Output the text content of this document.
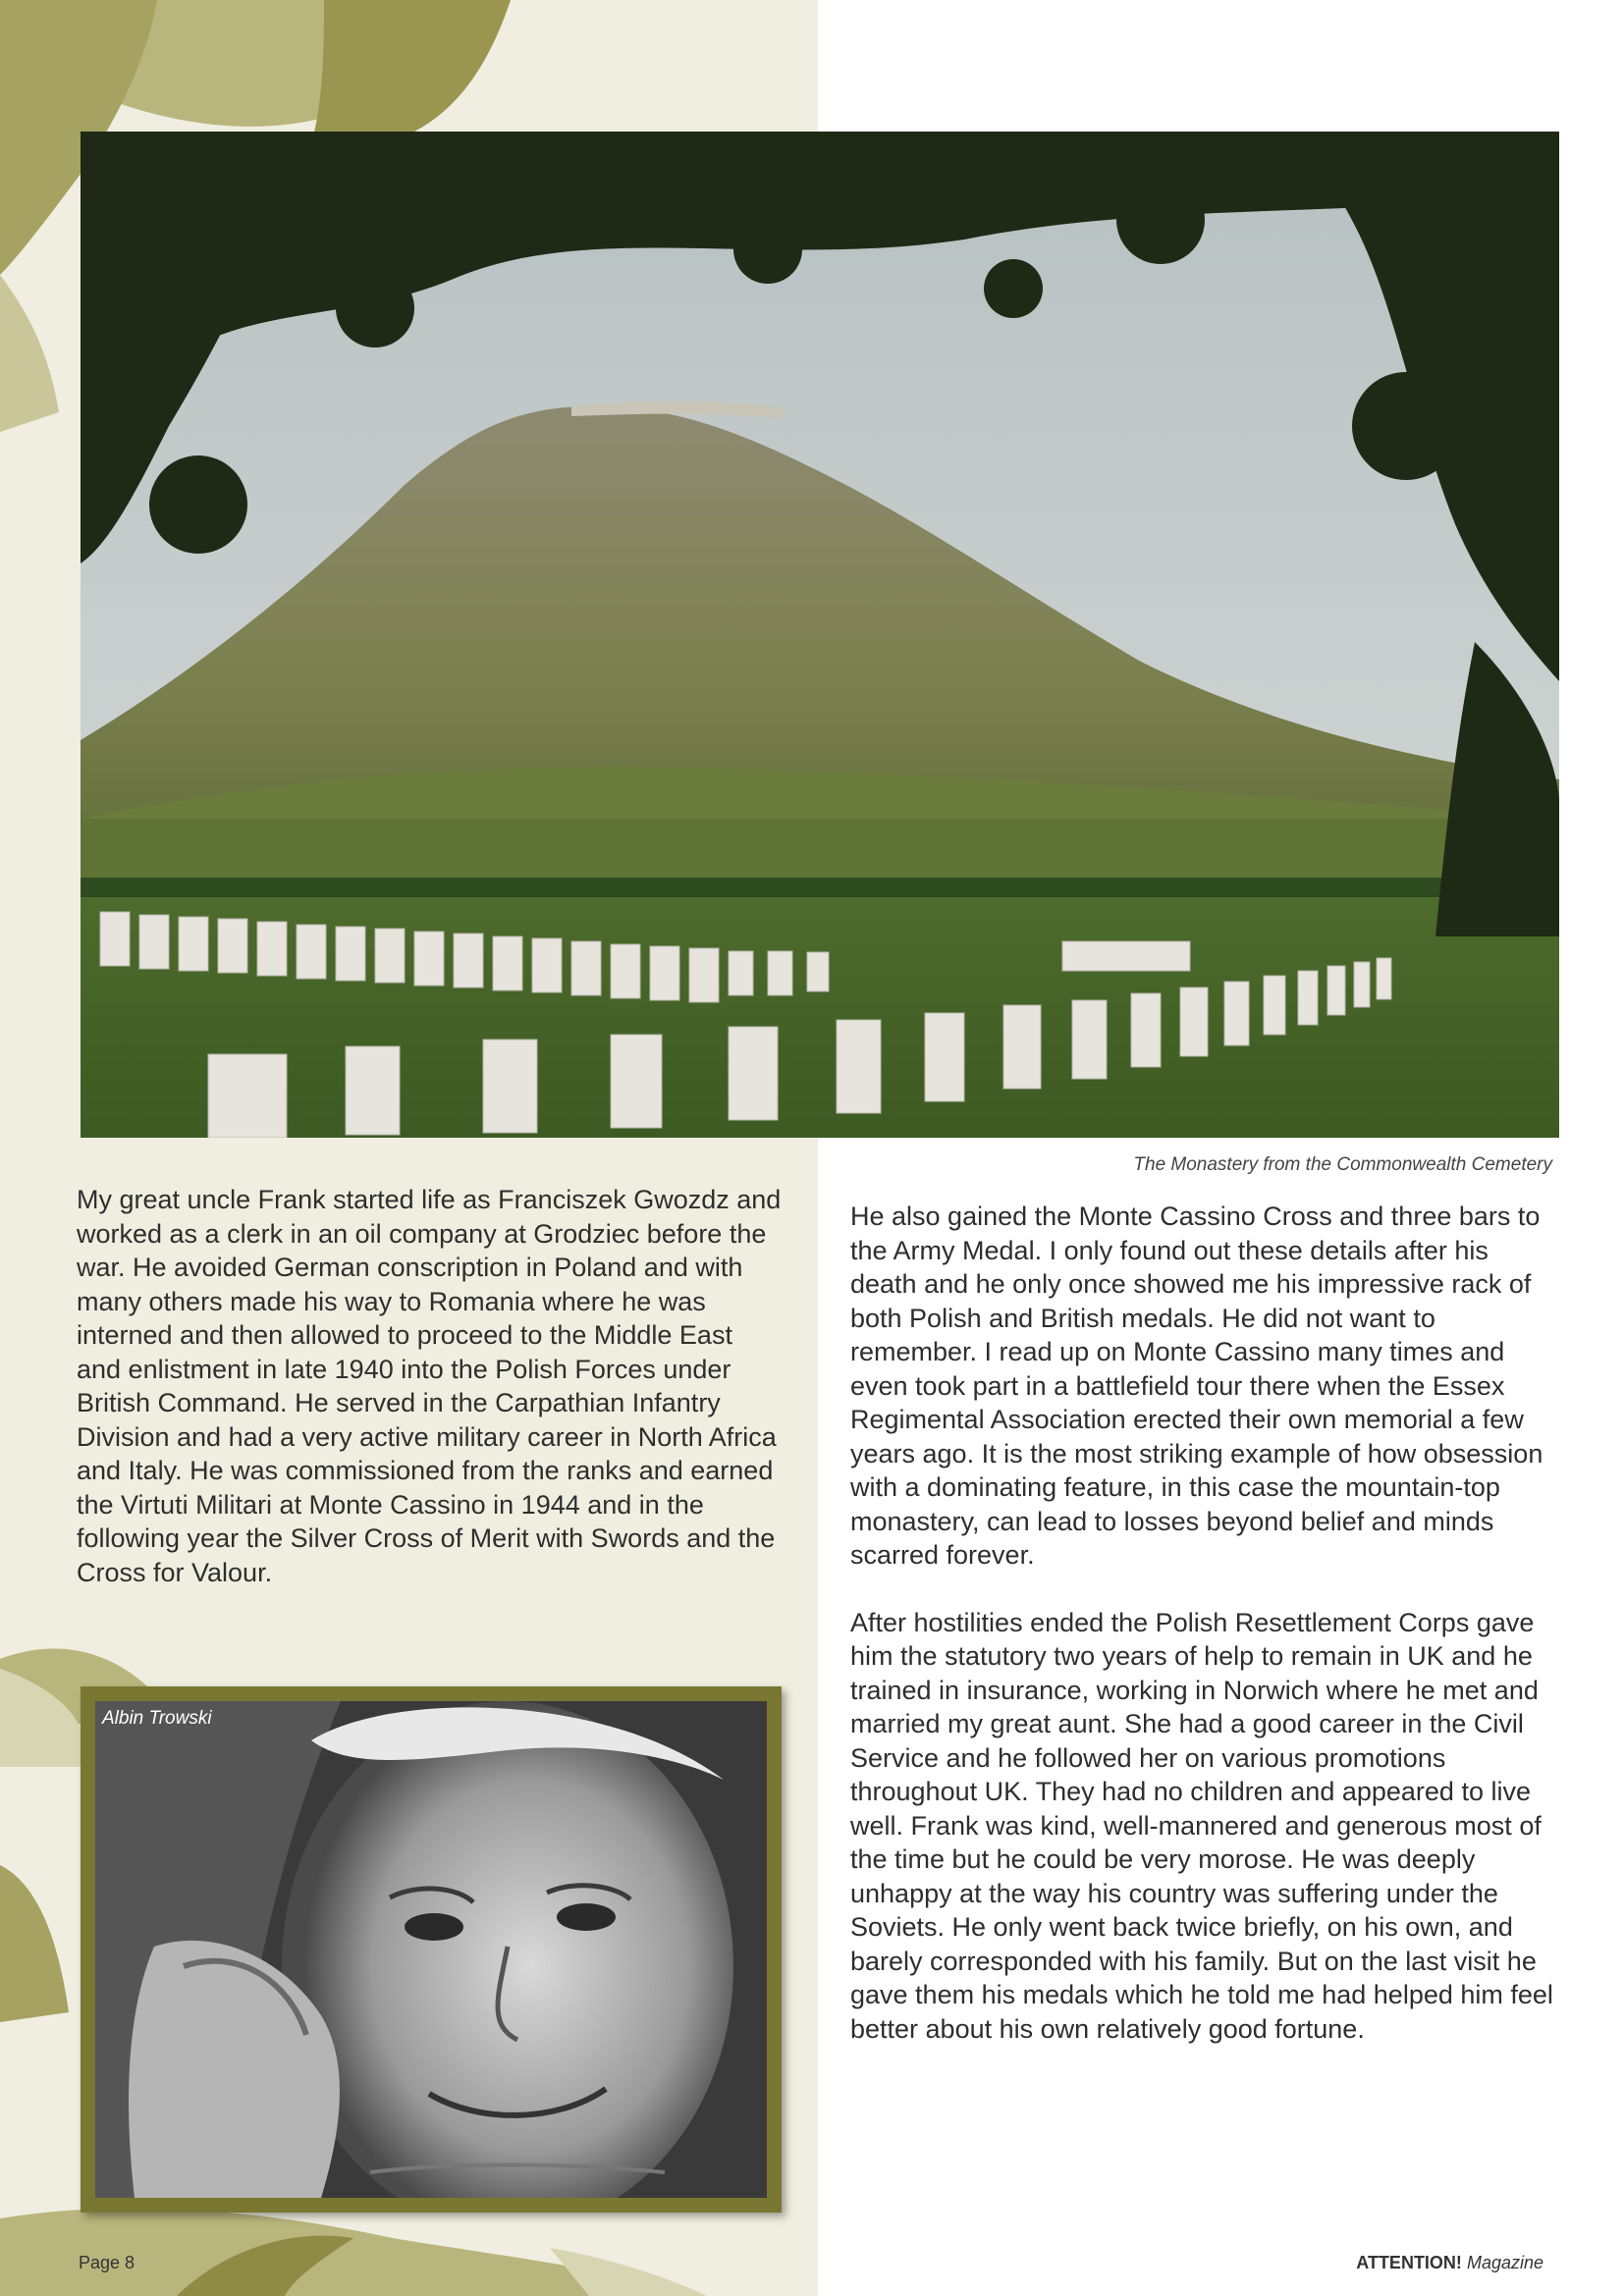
The Monastery from the Commonwealth Cemetery

My great uncle Frank started life as Franciszek Gwozdz and worked as a clerk in an oil company at Grodziec before the war. He avoided German conscription in Poland and with many others made his way to Romania where he was interned and then allowed to proceed to the Middle East and enlistment in late 1940 into the Polish Forces under British Command. He served in the Carpathian Infantry Division and had a very active military career in North Africa and Italy. He was commissioned from the ranks and earned the Virtuti Militari at Monte Cassino in 1944 and in the following year the Silver Cross of Merit with Swords and the Cross for Valour.

He also gained the Monte Cassino Cross and three bars to the Army Medal. I only found out these details after his death and he only once showed me his impressive rack of both Polish and British medals. He did not want to remember. I read up on Monte Cassino many times and even took part in a battlefield tour there when the Essex Regimental Association erected their own memorial a few years ago. It is the most striking example of how obsession with a dominating feature, in this case the mountain-top monastery, can lead to losses beyond belief and minds scarred forever.

After hostilities ended the Polish Resettlement Corps gave him the statutory two years of help to remain in UK and he trained in insurance, working in Norwich where he met and married my great aunt. She had a good career in the Civil Service and he followed her on various promotions throughout UK. They had no children and appeared to live well. Frank was kind, well-mannered and generous most of the time but he could be very morose. He was deeply unhappy at the way his country was suffering under the Soviets. He only went back twice briefly, on his own, and barely corresponded with his family. But on the last visit he gave them his medals which he told me had helped him feel better about his own relatively good fortune.

Albin Trowski
Page 8	ATTENTION! Magazine
